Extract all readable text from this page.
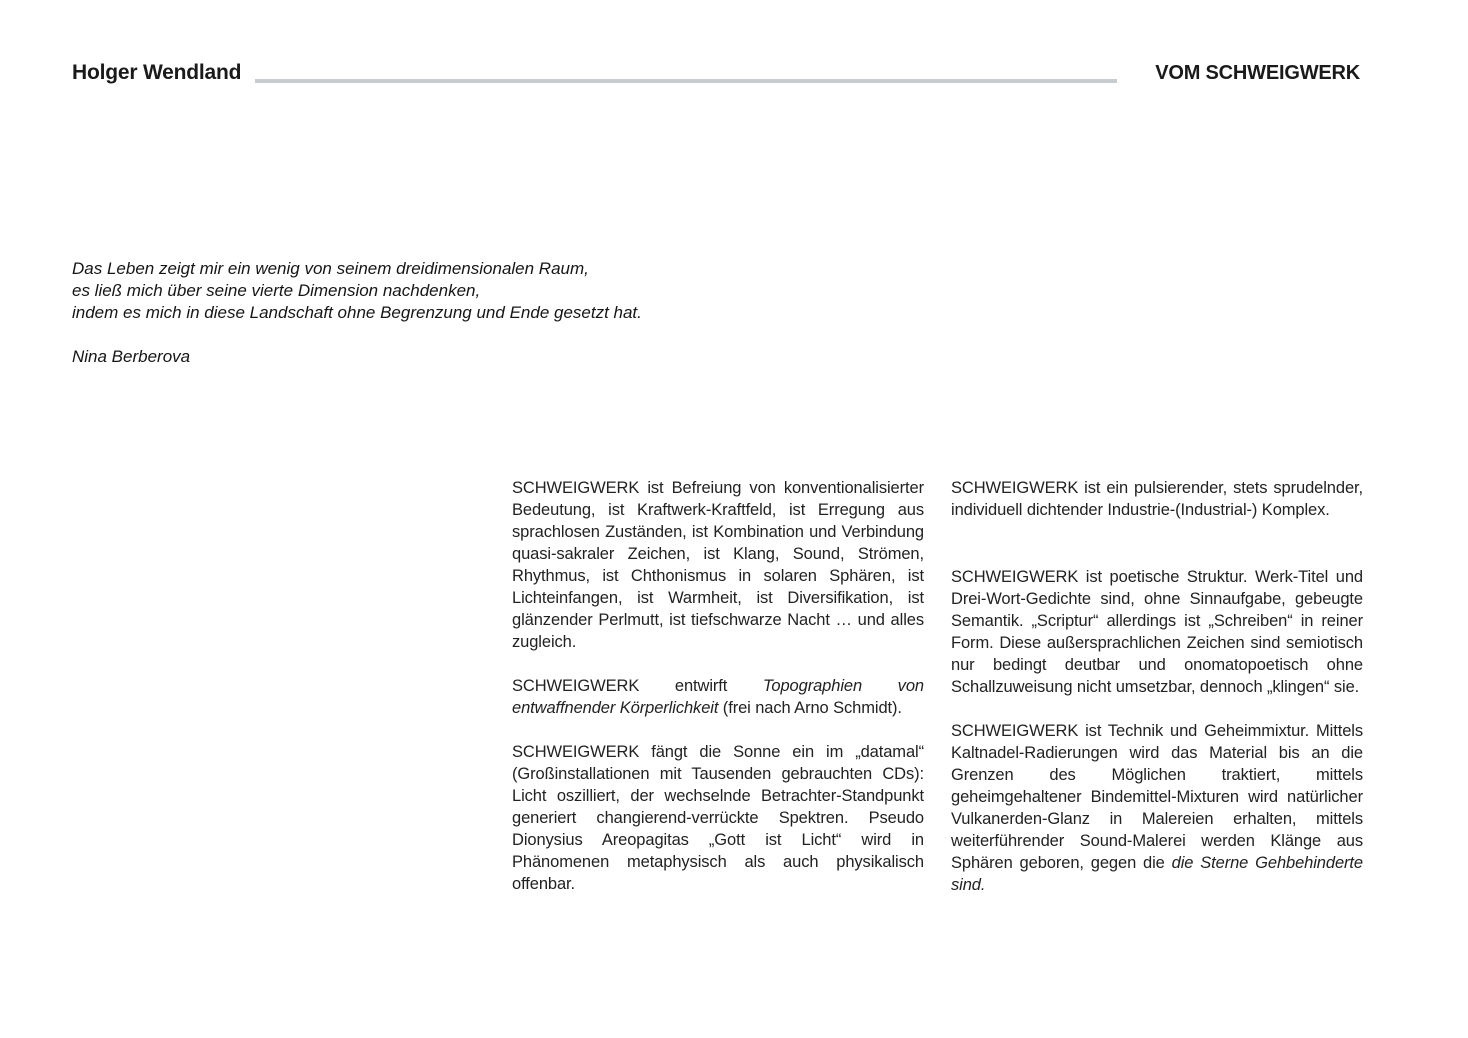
Holger Wendland	VOM SCHWEIGWERK
Das Leben zeigt mir ein wenig von seinem dreidimensionalen Raum,
es ließ mich über seine vierte Dimension nachdenken,
indem es mich in diese Landschaft ohne Begrenzung und Ende gesetzt hat.
Nina Berberova

SCHWEIGWERK ist Befreiung von konventionalisierter Bedeutung, ist Kraftwerk-Kraftfeld, ist Erregung aus sprachlosen Zuständen, ist Kombination und Verbindung quasi-sakraler Zeichen, ist Klang, Sound, Strömen, Rhythmus, ist Chthonismus in solaren Sphären, ist Lichteinfangen, ist Warmheit, ist Diversifikation, ist glänzender Perlmutt, ist tiefschwarze Nacht … und alles zugleich.

SCHWEIGWERK entwirft Topographien von entwaffnender Körperlichkeit (frei nach Arno Schmidt).

SCHWEIGWERK fängt die Sonne ein im „datamal“ (Großinstallationen mit Tausenden gebrauchten CDs): Licht oszilliert, der wechselnde Betrachter-Standpunkt generiert changierend-verrückte Spektren. Pseudo Dionysius Areopagitas „Gott ist Licht“ wird in Phänomenen metaphysisch als auch physikalisch offenbar.

SCHWEIGWERK ist ein pulsierender, stets sprudelnder, individuell dichtender Industrie-(Industrial-) Komplex.

SCHWEIGWERK ist poetische Struktur. Werk-Titel und Drei-Wort-Gedichte sind, ohne Sinnaufgabe, gebeugte Semantik. „Scriptur“ allerdings ist „Schreiben“ in reiner Form. Diese außersprachlichen Zeichen sind semiotisch nur bedingt deutbar und onomatopoetisch ohne Schallzuweisung nicht umsetzbar, dennoch „klingen“ sie.

SCHWEIGWERK ist Technik und Geheimmixtur. Mittels Kaltnadel-Radierungen wird das Material bis an die Grenzen des Möglichen traktiert, mittels geheimgehaltener Bindemittel-Mixturen wird natürlicher Vulkanerden-Glanz in Malereien erhalten, mittels weiterführender Sound-Malerei werden Klänge aus Sphären geboren, gegen die die Sterne Gehbehinderte sind.
